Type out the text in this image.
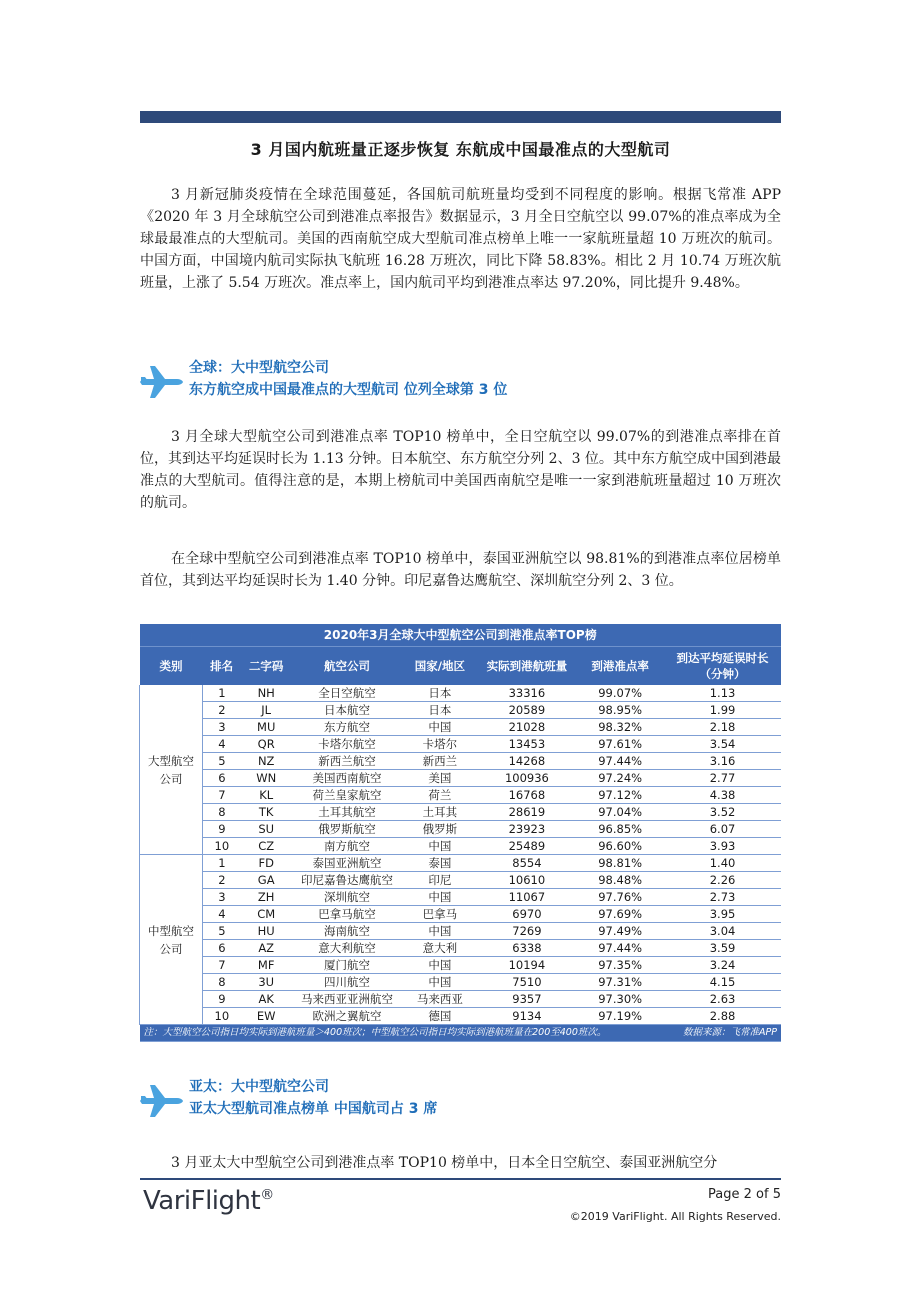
3 月国内航班量正逐步恢复 东航成中国最准点的大型航司
3 月新冠肺炎疫情在全球范围蔓延，各国航司航班量均受到不同程度的影响。根据飞常准 APP《2020 年 3 月全球航空公司到港准点率报告》数据显示，3 月全日空航空以 99.07%的准点率成为全球最最准点的大型航司。美国的西南航空成大型航司准点榜单上唯一一家航班量超 10 万班次的航司。中国方面，中国境内航司实际执飞航班 16.28 万班次，同比下降 58.83%。相比 2 月 10.74 万班次航班量，上涨了 5.54 万班次。准点率上，国内航司平均到港准点率达 97.20%，同比提升 9.48%。
全球：大中型航空公司
东方航空成中国最准点的大型航司 位列全球第 3 位
3 月全球大型航空公司到港准点率 TOP10 榜单中，全日空航空以 99.07%的到港准点率排在首位，其到达平均延误时长为 1.13 分钟。日本航空、东方航空分列 2、3 位。其中东方航空成中国到港最准点的大型航司。值得注意的是，本期上榜航司中美国西南航空是唯一一家到港航班量超过 10 万班次的航司。
在全球中型航空公司到港准点率 TOP10 榜单中，泰国亚洲航空以 98.81%的到港准点率位居榜单首位，其到达平均延误时长为 1.40 分钟。印尼嘉鲁达鹰航空、深圳航空分列 2、3 位。
2020年3月全球大中型航空公司到港准点率TOP榜							
类别	排名	二字码	航空公司	国家/地区	实际到港航班量	到港准点率	到达平均延误时长
（分钟）
大型航空
公司	1	NH	全日空航空	日本	33316	99.07%	1.13
	2	JL	日本航空	日本	20589	98.95%	1.99
	3	MU	东方航空	中国	21028	98.32%	2.18
	4	QR	卡塔尔航空	卡塔尔	13453	97.61%	3.54
	5	NZ	新西兰航空	新西兰	14268	97.44%	3.16
	6	WN	美国西南航空	美国	100936	97.24%	2.77
	7	KL	荷兰皇家航空	荷兰	16768	97.12%	4.38
	8	TK	土耳其航空	土耳其	28619	97.04%	3.52
	9	SU	俄罗斯航空	俄罗斯	23923	96.85%	6.07
	10	CZ	南方航空	中国	25489	96.60%	3.93
中型航空
公司	1	FD	泰国亚洲航空	泰国	8554	98.81%	1.40
	2	GA	印尼嘉鲁达鹰航空	印尼	10610	98.48%	2.26
	3	ZH	深圳航空	中国	11067	97.76%	2.73
	4	CM	巴拿马航空	巴拿马	6970	97.69%	3.95
	5	HU	海南航空	中国	7269	97.49%	3.04
	6	AZ	意大利航空	意大利	6338	97.44%	3.59
	7	MF	厦门航空	中国	10194	97.35%	3.24
	8	3U	四川航空	中国	7510	97.31%	4.15
	9	AK	马来西亚亚洲航空	马来西亚	9357	97.30%	2.63
	10	EW	欧洲之翼航空	德国	9134	97.19%	2.88
注：大型航空公司指日均实际到港航班量＞400班次；中型航空公司指日均实际到港航班量在200至400班次。 数据来源：飞常准APP							
亚太：大中型航空公司
亚太大型航司准点榜单 中国航司占 3 席
3 月亚太大中型航空公司到港准点率 TOP10 榜单中，日本全日空航空、泰国亚洲航空分
VariFlight®	Page 2 of 5
©2019 VariFlight. All Rights Reserved.
